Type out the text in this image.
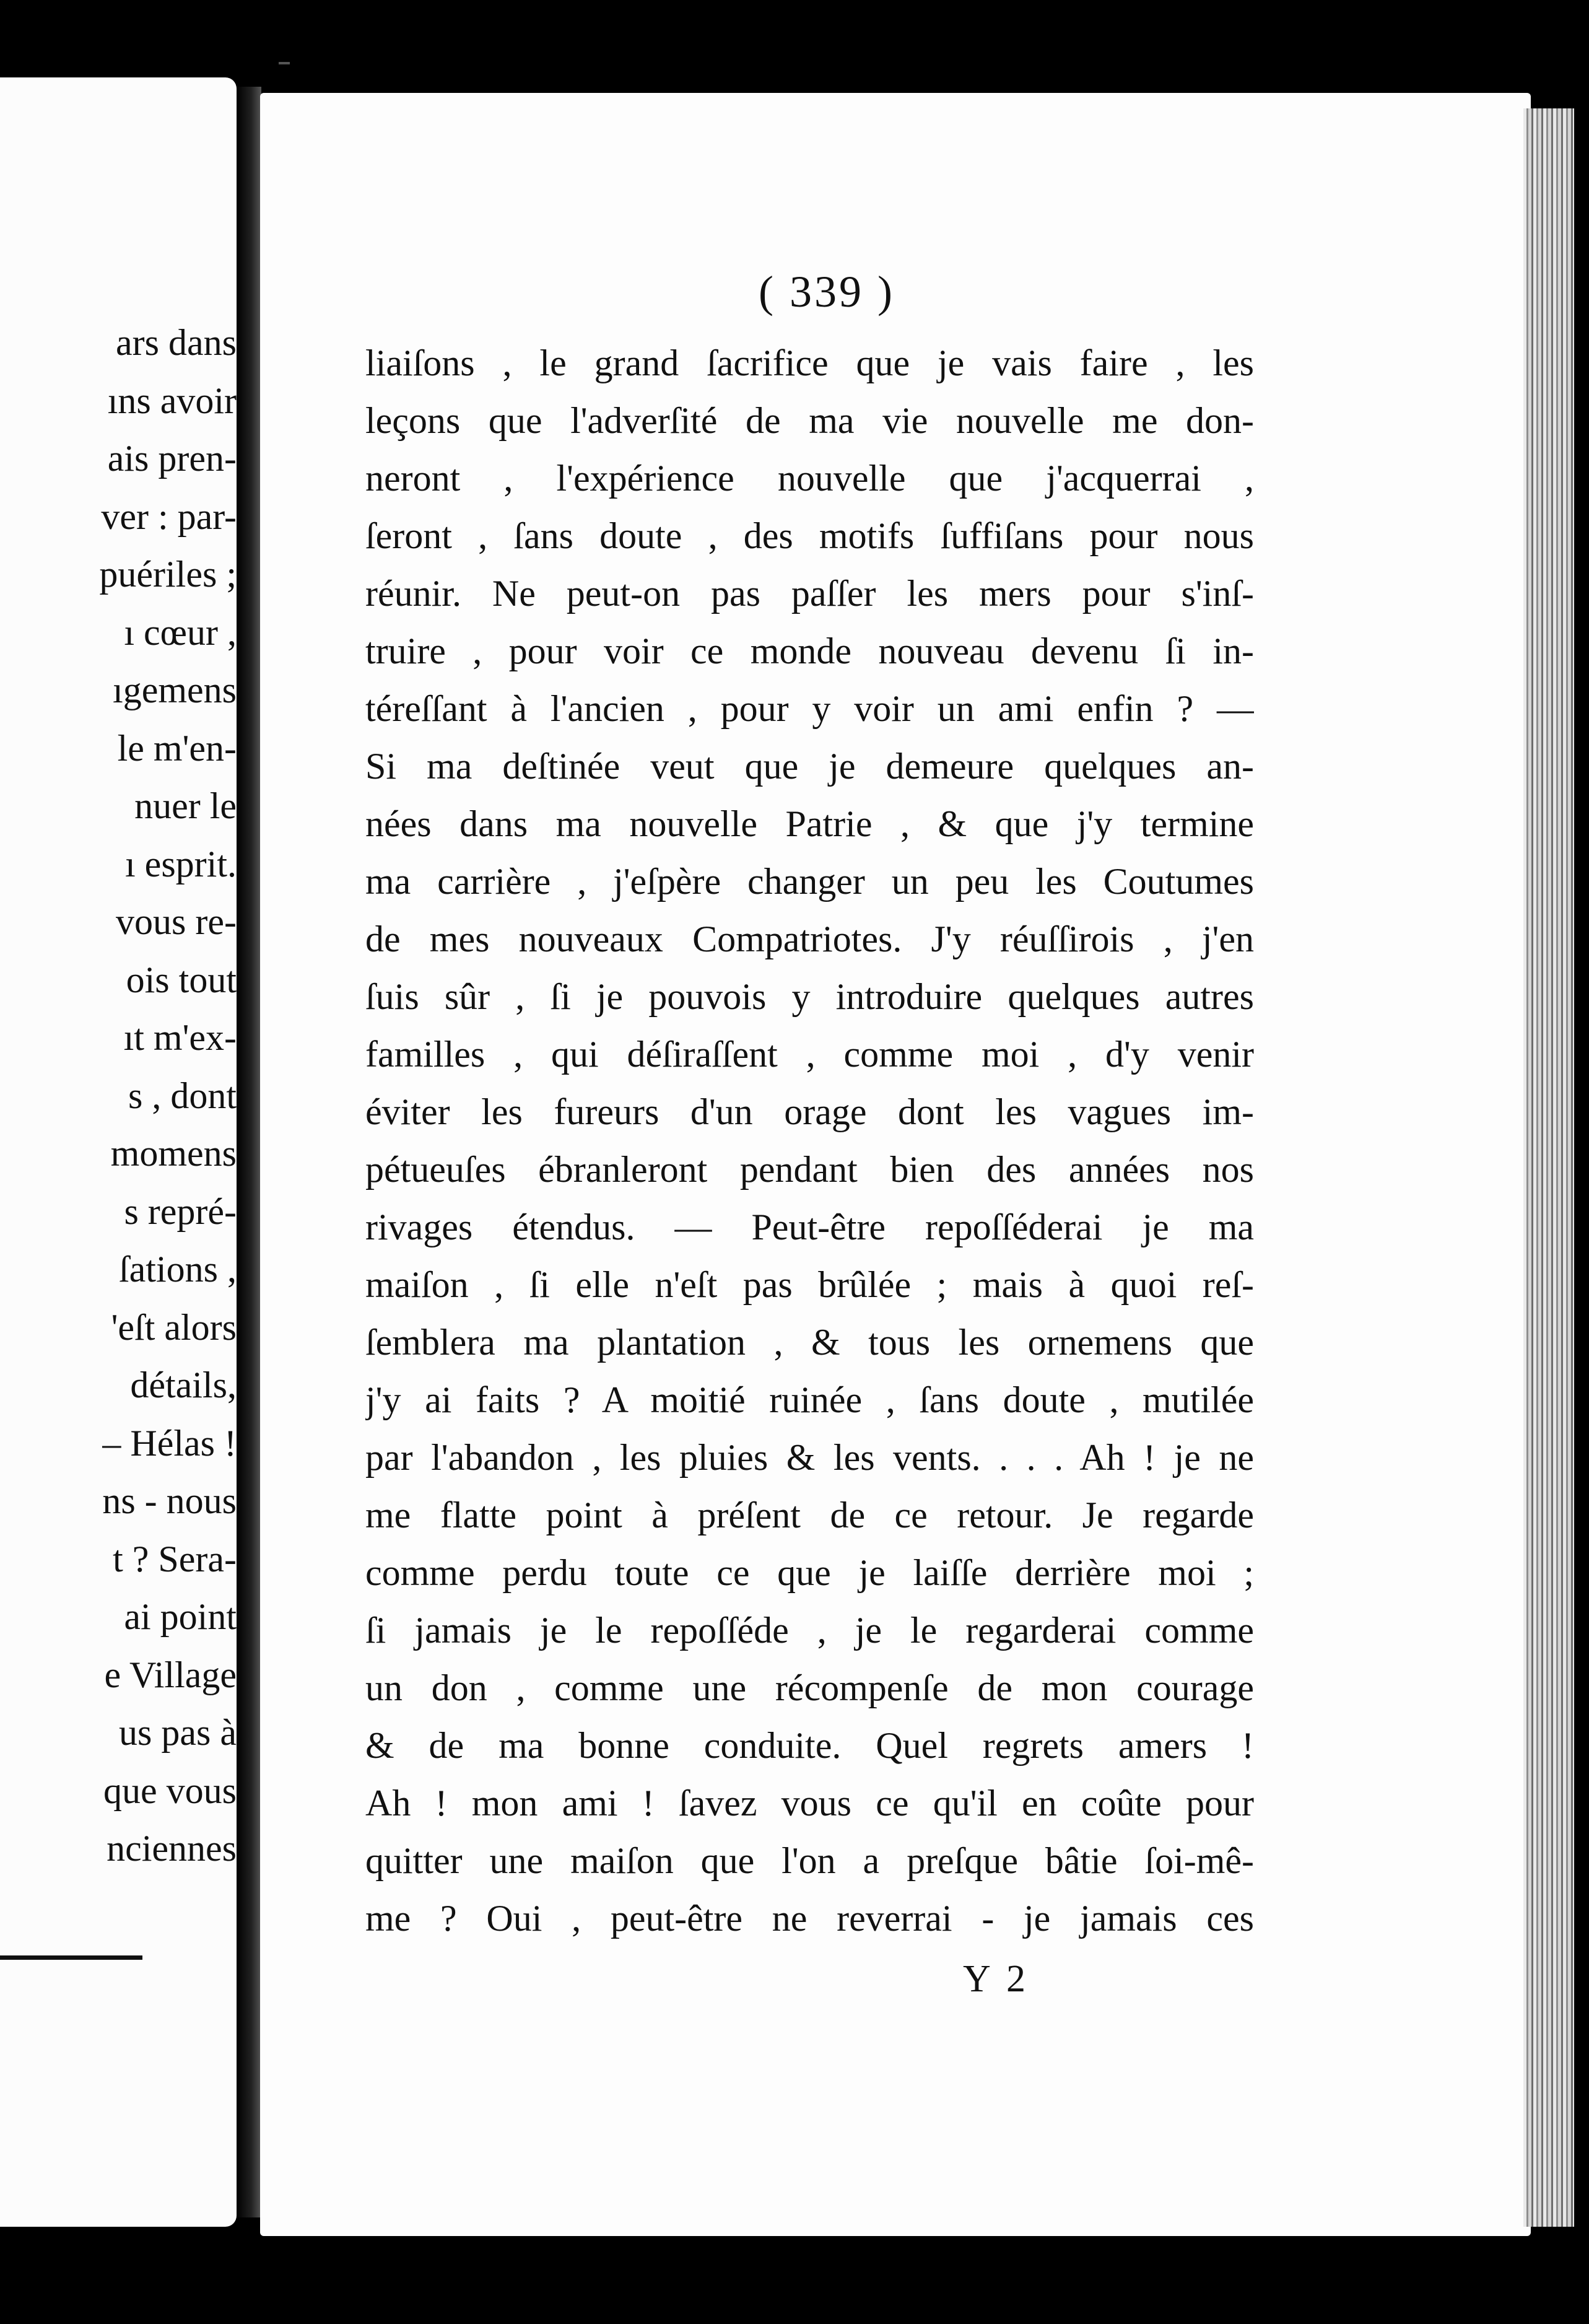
ars dans
ıns avoir
ais pren-
ver : par-
puériles ;
ı cœur ,
ıgemens
le m'en-
nuer le
ı esprit.
vous re-
ois tout
ıt m'ex-
s , dont
momens
s repré-
ſations ,
'eſt alors
détails,
– Hélas !
ns - nous
t ? Sera-
ai point
e Village
us pas à
que vous
nciennes
( 339 )
liaiſons , le grand ſacrifice que je vais faire , les
leçons que l'adverſité de ma vie nouvelle me don-
neront , l'expérience nouvelle que j'acquerrai ,
ſeront , ſans doute , des motifs ſuffiſans pour nous
réunir. Ne peut-on pas paſſer les mers pour s'inſ-
truire , pour voir ce monde nouveau devenu ſi in-
téreſſant à l'ancien , pour y voir un ami enfin ? —
Si ma deſtinée veut que je demeure quelques an-
nées dans ma nouvelle Patrie , & que j'y termine
ma carrière , j'eſpère changer un peu les Coutumes
de mes nouveaux Compatriotes. J'y réuſſirois , j'en
ſuis sûr , ſi je pouvois y introduire quelques autres
familles , qui déſiraſſent , comme moi , d'y venir
éviter les fureurs d'un orage dont les vagues im-
pétueuſes ébranleront pendant bien des années nos
rivages étendus. — Peut-être repoſſéderai je ma
maiſon , ſi elle n'eſt pas brûlée ; mais à quoi reſ-
ſemblera ma plantation , & tous les ornemens que
j'y ai faits ? A moitié ruinée , ſans doute , mutilée
par l'abandon , les pluies & les vents. . . . Ah ! je ne
me flatte point à préſent de ce retour. Je regarde
comme perdu toute ce que je laiſſe derrière moi ;
ſi jamais je le repoſſéde , je le regarderai comme
un don , comme une récompenſe de mon courage
& de ma bonne conduite. Quel regrets amers !
Ah ! mon ami ! ſavez vous ce qu'il en coûte pour
quitter une maiſon que l'on a preſque bâtie ſoi-mê-
me ? Oui , peut-être ne reverrai - je jamais ces
Y 2
